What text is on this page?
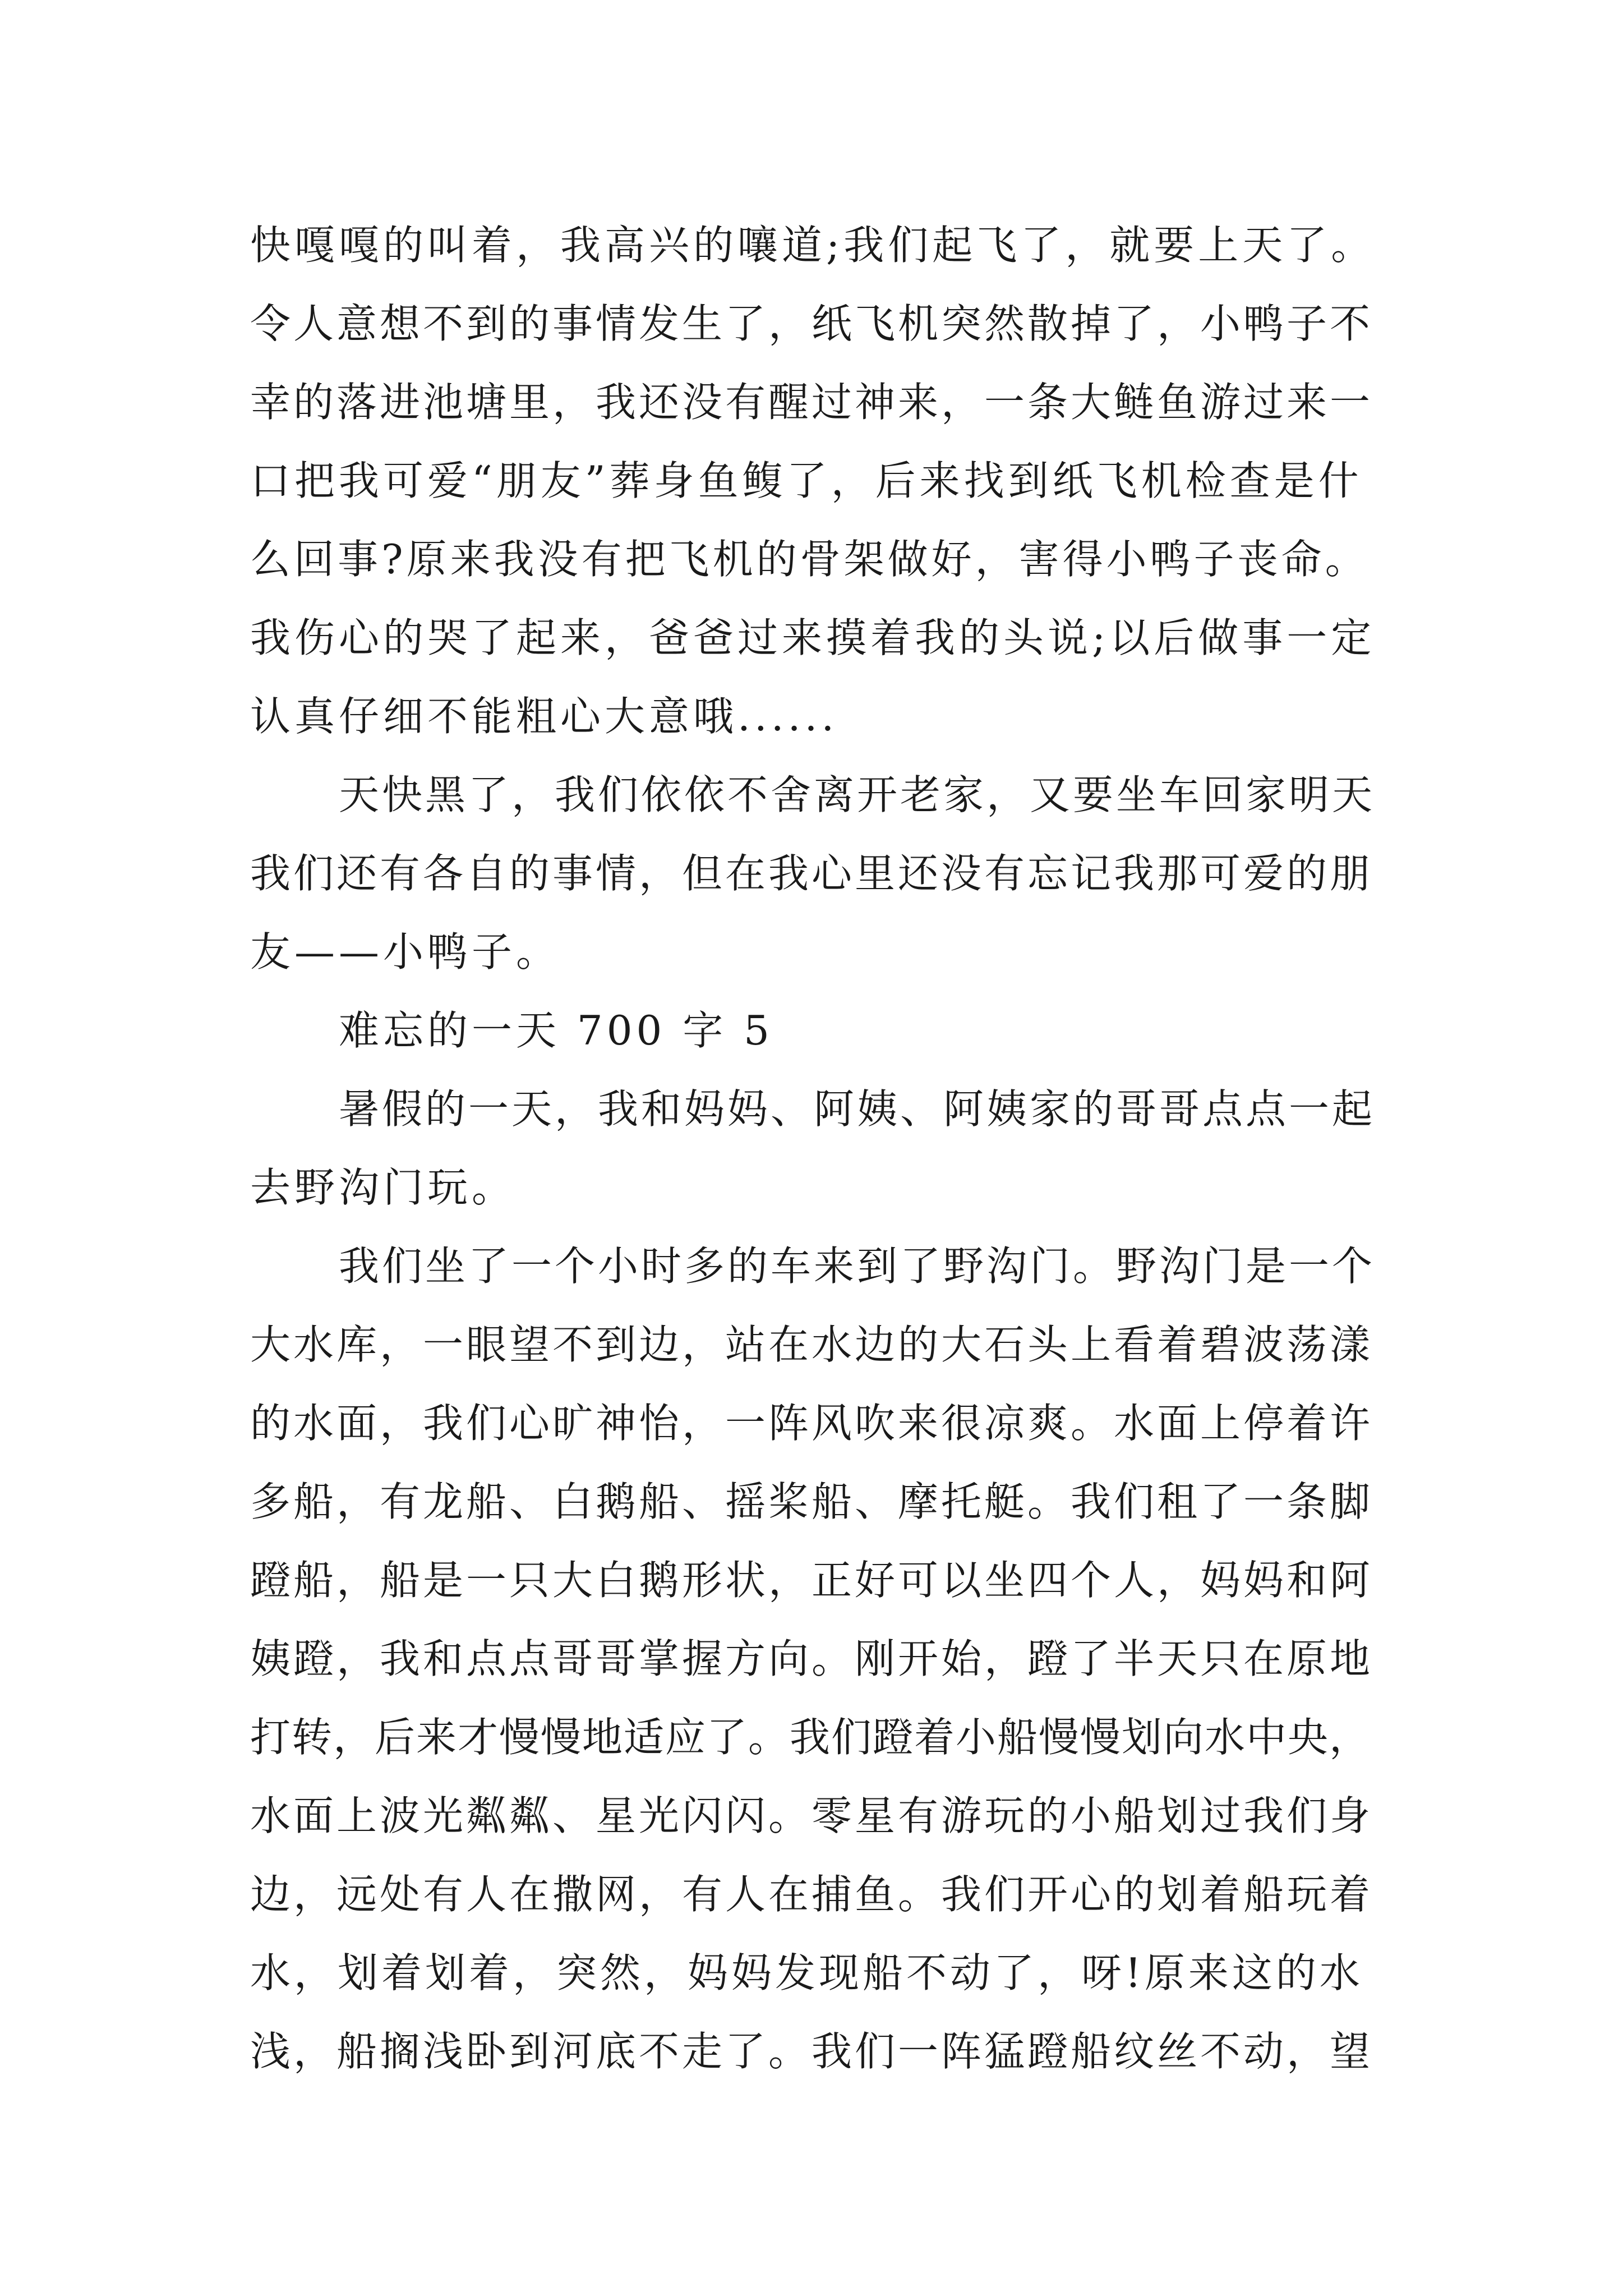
快嘎嘎的叫着，我高兴的嚷道;我们起飞了，就要上天了。
令人意想不到的事情发生了，纸飞机突然散掉了，小鸭子不
幸的落进池塘里，我还没有醒过神来，一条大鲢鱼游过来一
口把我可爱“朋友”葬身鱼鳆了，后来找到纸飞机检查是什
么回事?原来我没有把飞机的骨架做好，害得小鸭子丧命。
我伤心的哭了起来，爸爸过来摸着我的头说;以后做事一定
认真仔细不能粗心大意哦......
天快黑了，我们依依不舍离开老家，又要坐车回家明天
我们还有各自的事情，但在我心里还没有忘记我那可爱的朋
友——小鸭子。
难忘的一天 700 字 5
暑假的一天，我和妈妈、阿姨、阿姨家的哥哥点点一起
去野沟门玩。
我们坐了一个小时多的车来到了野沟门。野沟门是一个
大水库，一眼望不到边，站在水边的大石头上看着碧波荡漾
的水面，我们心旷神怡，一阵风吹来很凉爽。水面上停着许
多船，有龙船、白鹅船、摇桨船、摩托艇。我们租了一条脚
蹬船，船是一只大白鹅形状，正好可以坐四个人，妈妈和阿
姨蹬，我和点点哥哥掌握方向。刚开始，蹬了半天只在原地
打转，后来才慢慢地适应了。我们蹬着小船慢慢划向水中央，
水面上波光粼粼、星光闪闪。零星有游玩的小船划过我们身
边，远处有人在撒网，有人在捕鱼。我们开心的划着船玩着
水，划着划着，突然，妈妈发现船不动了，呀!原来这的水
浅，船搁浅卧到河底不走了。我们一阵猛蹬船纹丝不动，望
